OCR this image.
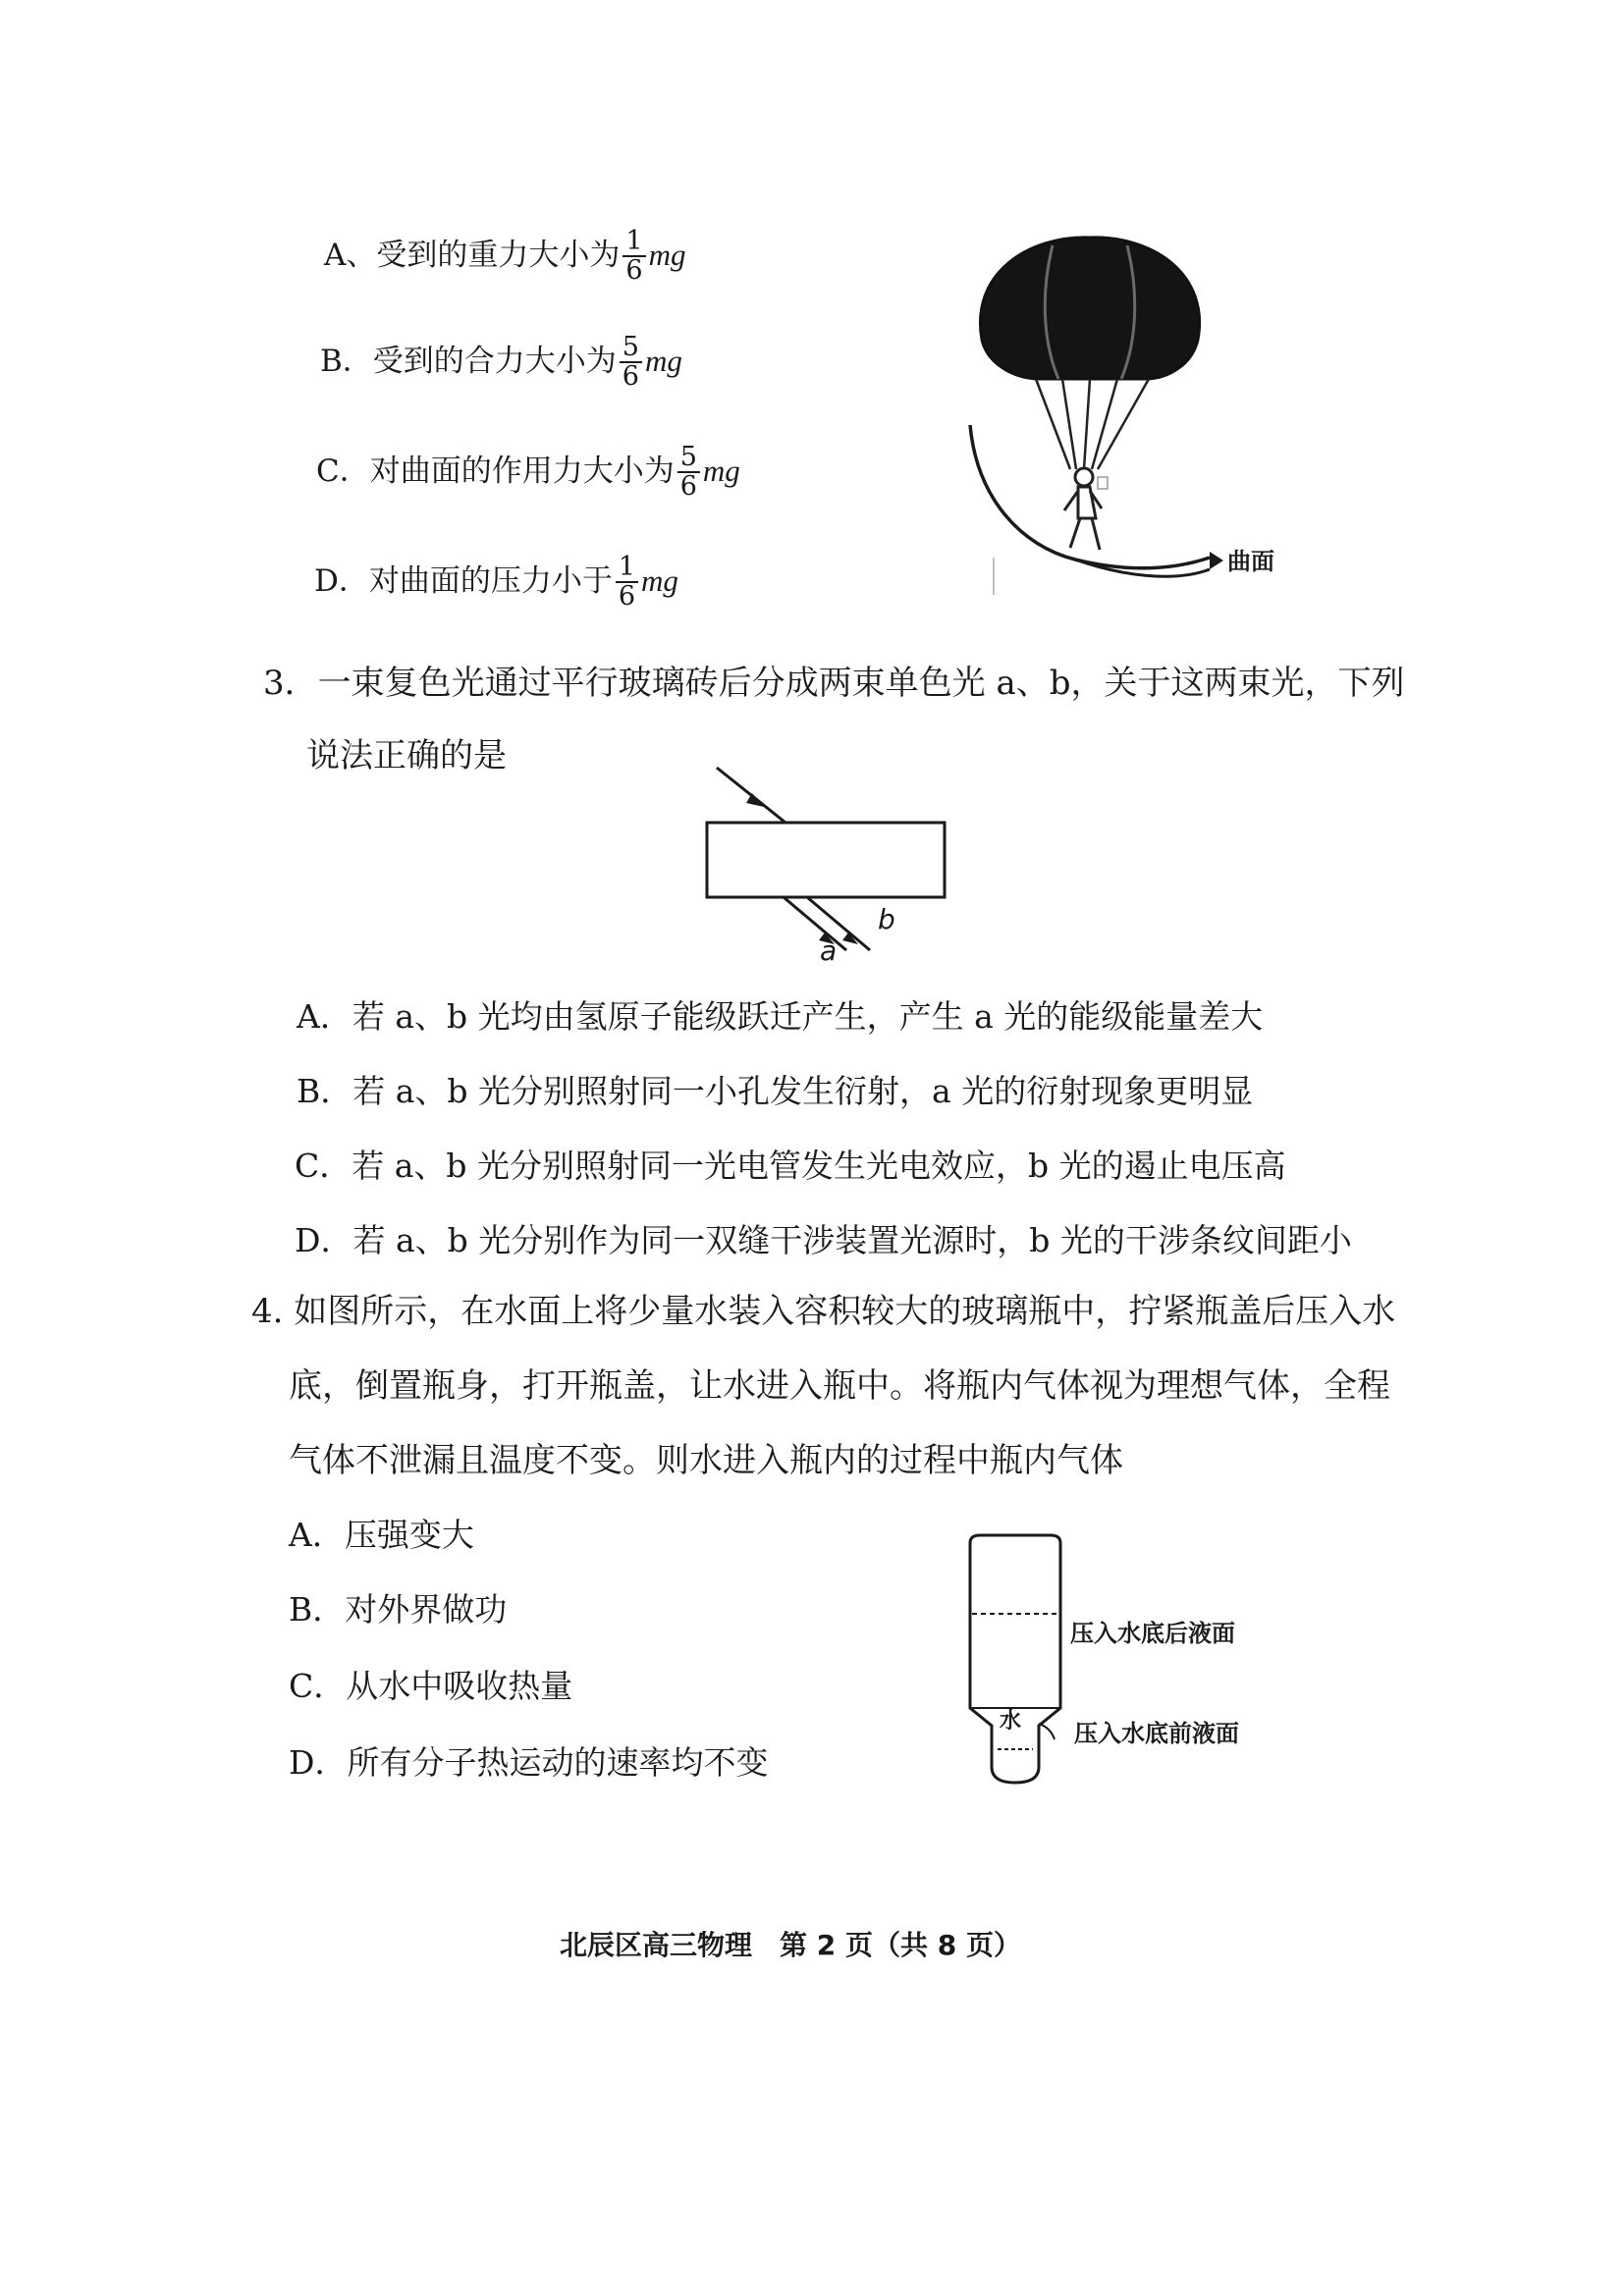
A、受到的重力大小为 $\frac{1}{6}$ mg
B．受到的合力大小为 $\frac{5}{6}$ mg
C．对曲面的作用力大小为 $\frac{5}{6}$ mg
D．对曲面的压力小于 $\frac{1}{6}$ mg
曲面
3．一束复色光通过平行玻璃砖后分成两束单色光 a、b，关于这两束光，下列
说法正确的是
a
b
A．若 a、b 光均由氢原子能级跃迁产生，产生 a 光的能级能量差大
B．若 a、b 光分别照射同一小孔发生衍射，a 光的衍射现象更明显
C．若 a、b 光分别照射同一光电管发生光电效应，b 光的遏止电压高
D．若 a、b 光分别作为同一双缝干涉装置光源时，b 光的干涉条纹间距小
4. 如图所示，在水面上将少量水装入容积较大的玻璃瓶中，拧紧瓶盖后压入水
底，倒置瓶身，打开瓶盖，让水进入瓶中。将瓶内气体视为理想气体，全程
气体不泄漏且温度不变。则水进入瓶内的过程中瓶内气体
A．压强变大
B．对外界做功
C．从水中吸收热量
D．所有分子热运动的速率均不变
水
压入水底后液面
压入水底前液面
北辰区高三物理　第 2 页（共 8 页）
